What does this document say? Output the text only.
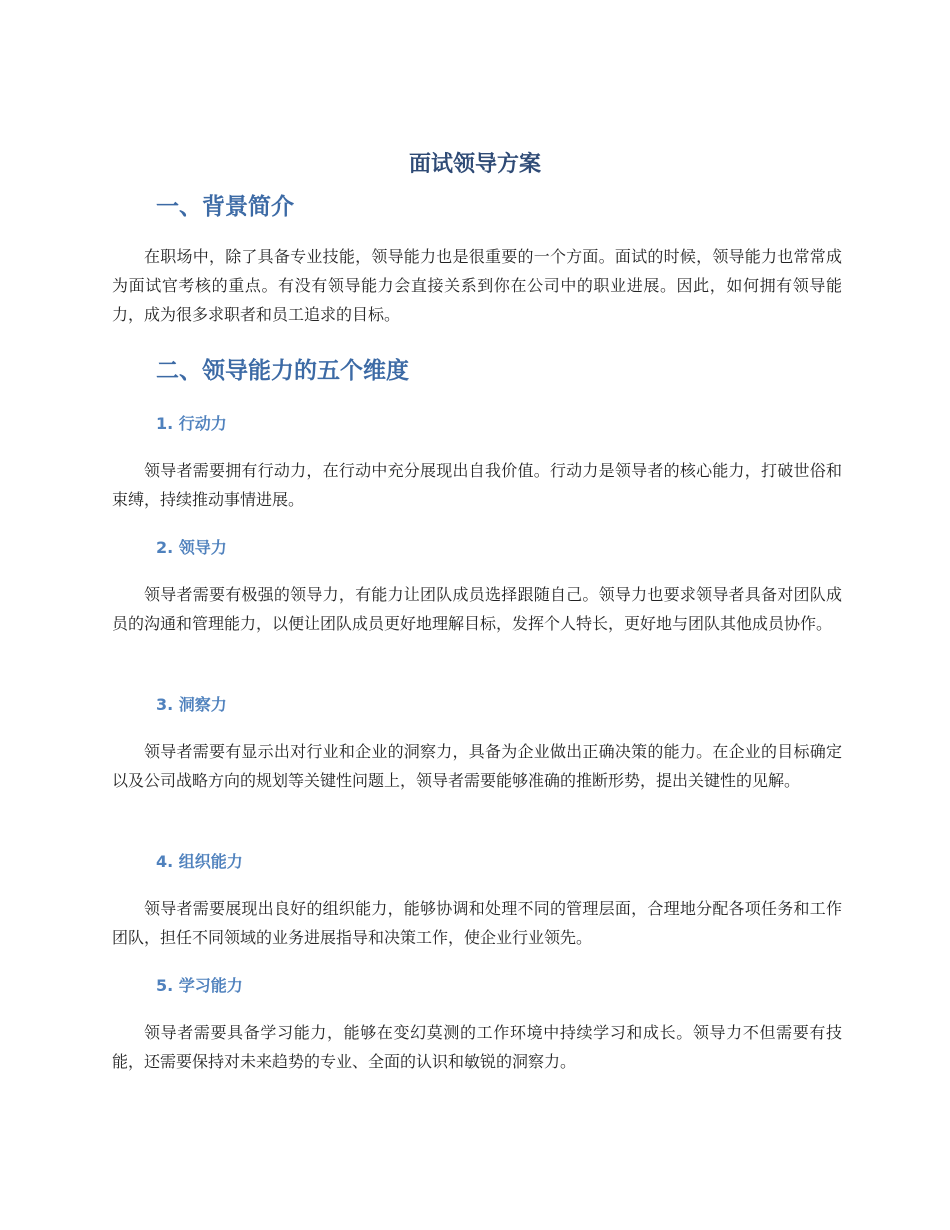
面试领导方案
一、背景简介

在职场中，除了具备专业技能，领导能力也是很重要的一个方面。面试的时候，领导能力也常常成为面试官考核的重点。有没有领导能力会直接关系到你在公司中的职业进展。因此，如何拥有领导能力，成为很多求职者和员工追求的目标。

二、领导能力的五个维度
1. 行动力

领导者需要拥有行动力，在行动中充分展现出自我价值。行动力是领导者的核心能力，打破世俗和束缚，持续推动事情进展。

2. 领导力

领导者需要有极强的领导力，有能力让团队成员选择跟随自己。领导力也要求领导者具备对团队成员的沟通和管理能力，以便让团队成员更好地理解目标，发挥个人特长，更好地与团队其他成员协作。

3. 洞察力

领导者需要有显示出对行业和企业的洞察力，具备为企业做出正确决策的能力。在企业的目标确定以及公司战略方向的规划等关键性问题上，领导者需要能够准确的推断形势，提出关键性的见解。

4. 组织能力

领导者需要展现出良好的组织能力，能够协调和处理不同的管理层面，合理地分配各项任务和工作团队，担任不同领域的业务进展指导和决策工作，使企业行业领先。

5. 学习能力

领导者需要具备学习能力，能够在变幻莫测的工作环境中持续学习和成长。领导力不但需要有技能，还需要保持对未来趋势的专业、全面的认识和敏锐的洞察力。
